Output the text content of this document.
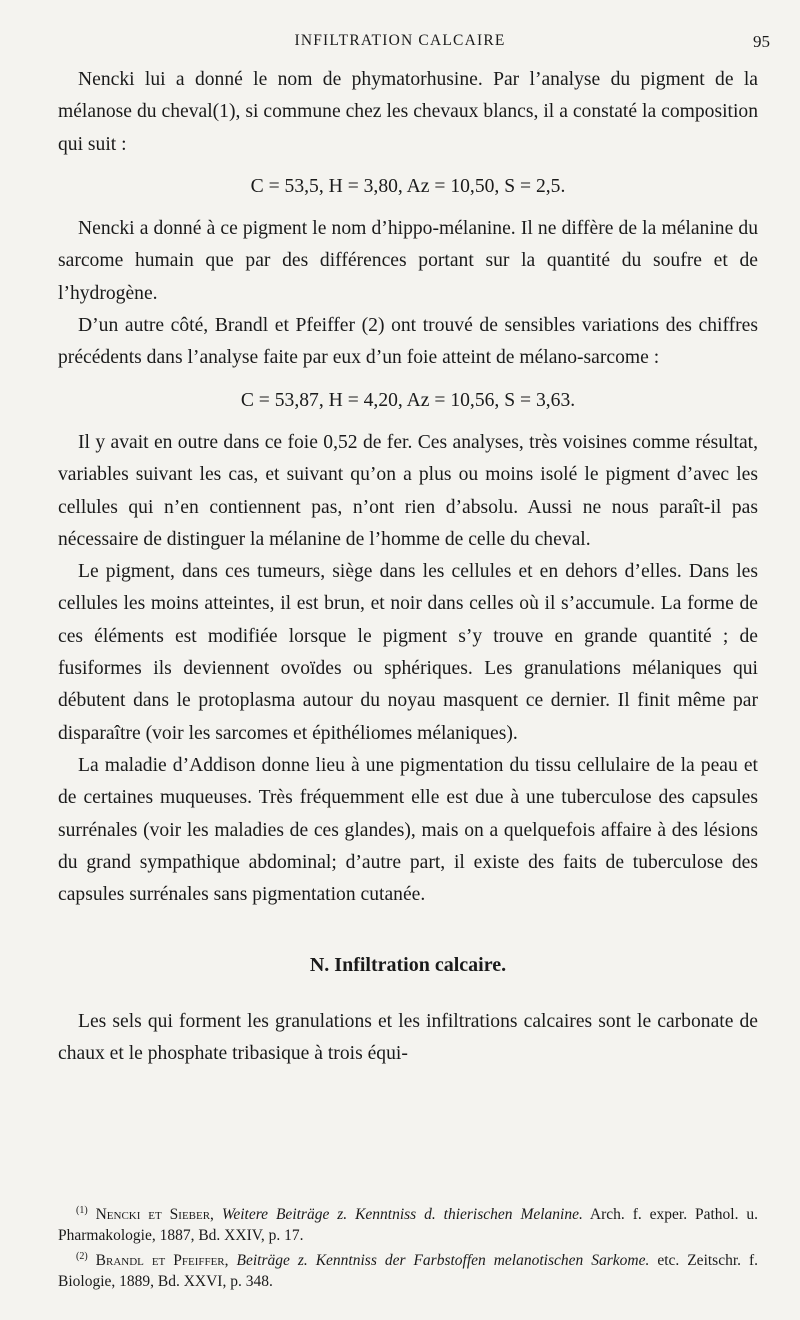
INFILTRATION CALCAIRE	95

Nencki lui a donné le nom de phymatorhusine. Par l’analyse du pigment de la mélanose du cheval(1), si commune chez les chevaux blancs, il a constaté la composition qui suit :

C = 53,5, H = 3,80, Az = 10,50, S = 2,5.

Nencki a donné à ce pigment le nom d’hippo-mélanine. Il ne diffère de la mélanine du sarcome humain que par des différences portant sur la quantité du soufre et de l’hydrogène.

D’un autre côté, Brandl et Pfeiffer (2) ont trouvé de sensibles variations des chiffres précédents dans l’analyse faite par eux d’un foie atteint de mélano-sarcome :

C = 53,87, H = 4,20, Az = 10,56, S = 3,63.

Il y avait en outre dans ce foie 0,52 de fer. Ces analyses, très voisines comme résultat, variables suivant les cas, et suivant qu’on a plus ou moins isolé le pigment d’avec les cellules qui n’en contiennent pas, n’ont rien d’absolu. Aussi ne nous paraît-il pas nécessaire de distinguer la mélanine de l’homme de celle du cheval.

Le pigment, dans ces tumeurs, siège dans les cellules et en dehors d’elles. Dans les cellules les moins atteintes, il est brun, et noir dans celles où il s’accumule. La forme de ces éléments est modifiée lorsque le pigment s’y trouve en grande quantité ; de fusiformes ils deviennent ovoïdes ou sphériques. Les granulations mélaniques qui débutent dans le protoplasma autour du noyau masquent ce dernier. Il finit même par disparaître (voir les sarcomes et épithéliomes mélaniques).

La maladie d’Addison donne lieu à une pigmentation du tissu cellulaire de la peau et de certaines muqueuses. Très fréquemment elle est due à une tuberculose des capsules surrénales (voir les maladies de ces glandes), mais on a quelquefois affaire à des lésions du grand sympathique abdominal; d’autre part, il existe des faits de tuberculose des capsules surrénales sans pigmentation cutanée.

N. Infiltration calcaire.

Les sels qui forment les granulations et les infiltrations calcaires sont le carbonate de chaux et le phosphate tribasique à trois équi-

$^{(1)}$ Nencki et Sieber, Weitere Beiträge z. Kenntniss d. thierischen Melanine. Arch. f. exper. Pathol. u. Pharmakologie, 1887, Bd. XXIV, p. 17.

$^{(2)}$ Brandl et Pfeiffer, Beiträge z. Kenntniss der Farbstoffen melanotischen Sarkome. etc. Zeitschr. f. Biologie, 1889, Bd. XXVI, p. 348.
